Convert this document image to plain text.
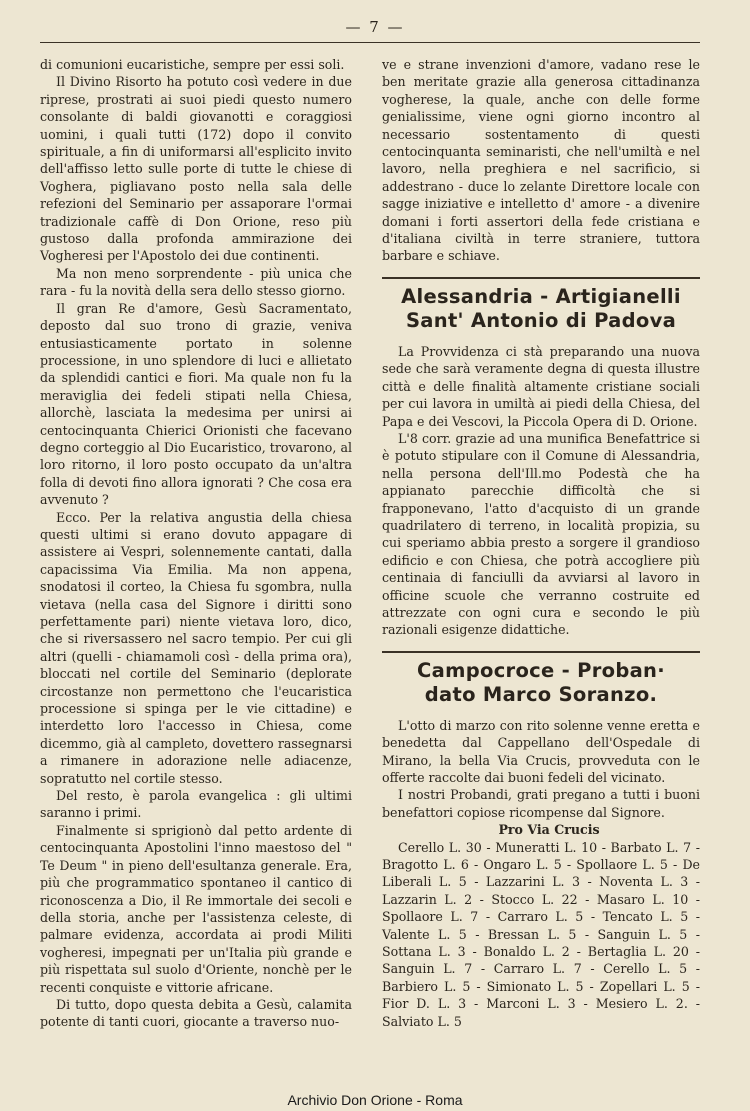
— 7 —

di comunioni eucaristiche, sempre per essi soli.

Il Divino Risorto ha potuto così vedere in due riprese, prostrati ai suoi piedi questo numero consolante di baldi giovanotti e coraggiosi uomini, i quali tutti (172) dopo il convito spirituale, a fin di uniformarsi all'esplicito invito dell'affisso letto sulle porte di tutte le chiese di Voghera, pigliavano posto nella sala delle refezioni del Seminario per assaporare l'ormai tradizionale caffè di Don Orione, reso più gustoso dalla profonda ammirazione dei Vogheresi per l'Apostolo dei due continenti.

Ma non meno sorprendente - più unica che rara - fu la novità della sera dello stesso giorno.

Il gran Re d'amore, Gesù Sacramentato, deposto dal suo trono di grazie, veniva entusiasticamente portato in solenne processione, in uno splendore di luci e allietato da splendidi cantici e fiori. Ma quale non fu la meraviglia dei fedeli stipati nella Chiesa, allorchè, lasciata la medesima per unirsi ai centocinquanta Chierici Orionisti che facevano degno corteggio al Dio Eucaristico, trovarono, al loro ritorno, il loro posto occupato da un'altra folla di devoti fino allora ignorati ? Che cosa era avvenuto ?

Ecco. Per la relativa angustia della chiesa questi ultimi si erano dovuto appagare di assistere ai Vespri, solennemente cantati, dalla capacissima Via Emilia. Ma non appena, snodatosi il corteo, la Chiesa fu sgombra, nulla vietava (nella casa del Signore i diritti sono perfettamente pari) niente vietava loro, dico, che si riversassero nel sacro tempio. Per cui gli altri (quelli - chiamamoli così - della prima ora), bloccati nel cortile del Seminario (deplorate circostanze non permettono che l'eucaristica processione si spinga per le vie cittadine) e interdetto loro l'accesso in Chiesa, come dicemmo, già al campleto, dovettero rassegnarsi a rimanere in adorazione nelle adiacenze, sopratutto nel cortile stesso.

Del resto, è parola evangelica : gli ultimi saranno i primi.

Finalmente si sprigionò dal petto ardente di centocinquanta Apostolini l'inno maestoso del " Te Deum " in pieno dell'esultanza generale. Era, più che programmatico spontaneo il cantico di riconoscenza a Dio, il Re immortale dei secoli e della storia, anche per l'assistenza celeste, di palmare evidenza, accordata ai prodi Militi vogheresi, impegnati per un'Italia più grande e più rispettata sul suolo d'Oriente, nonchè per le recenti conquiste e vittorie africane.

Di tutto, dopo questa debita a Gesù, calamita potente di tanti cuori, giocante a traverso nuo-

ve e strane invenzioni d'amore, vadano rese le ben meritate grazie alla generosa cittadinanza vogherese, la quale, anche con delle forme genialissime, viene ogni giorno incontro al necessario sostentamento di questi centocinquanta seminaristi, che nell'umiltà e nel lavoro, nella preghiera e nel sacrificio, si addestrano - duce lo zelante Direttore locale con sagge iniziative e intelletto d' amore - a divenire domani i forti assertori della fede cristiana e d'italiana civiltà in terre straniere, tuttora barbare e schiave.

Alessandria - Artigianelli
Sant' Antonio di Padova

La Provvidenza ci stà preparando una nuova sede che sarà veramente degna di questa illustre città e delle finalità altamente cristiane sociali per cui lavora in umiltà ai piedi della Chiesa, del Papa e dei Vescovi, la Piccola Opera di D. Orione.

L'8 corr. grazie ad una munifica Benefattrice si è potuto stipulare con il Comune di Alessandria, nella persona dell'Ill.mo Podestà che ha appianato parecchie difficoltà che si frapponevano, l'atto d'acquisto di un grande quadrilatero di terreno, in località propizia, su cui speriamo abbia presto a sorgere il grandioso edificio e con Chiesa, che potrà accogliere più centinaia di fanciulli da avviarsi al lavoro in officine scuole che verranno costruite ed attrezzate con ogni cura e secondo le più razionali esigenze didattiche.

Campocroce - Proban·
dato Marco Soranzo.

L'otto di marzo con rito solenne venne eretta e benedetta dal Cappellano dell'Ospedale di Mirano, la bella Via Crucis, provveduta con le offerte raccolte dai buoni fedeli del vicinato.

I nostri Probandi, grati pregano a tutti i buoni benefattori copiose ricompense dal Signore.

Pro Via Crucis

Cerello L. 30 - Muneratti L. 10 - Barbato L. 7 - Bragotto L. 6 - Ongaro L. 5 - Spollaore L. 5 - De Liberali L. 5 - Lazzarini L. 3 - Noventa L. 3 - Lazzarin L. 2 - Stocco L. 22 - Masaro L. 10 - Spollaore L. 7 - Carraro L. 5 - Tencato L. 5 - Valente L. 5 - Bressan L. 5 - Sanguin L. 5 - Sottana L. 3 - Bonaldo L. 2 - Bertaglia L. 20 - Sanguin L. 7 - Carraro L. 7 - Cerello L. 5 - Barbiero L. 5 - Simionato L. 5 - Zopellari L. 5 - Fior D. L. 3 - Marconi L. 3 - Mesiero L. 2. - Salviato L. 5

Archivio Don Orione - Roma
